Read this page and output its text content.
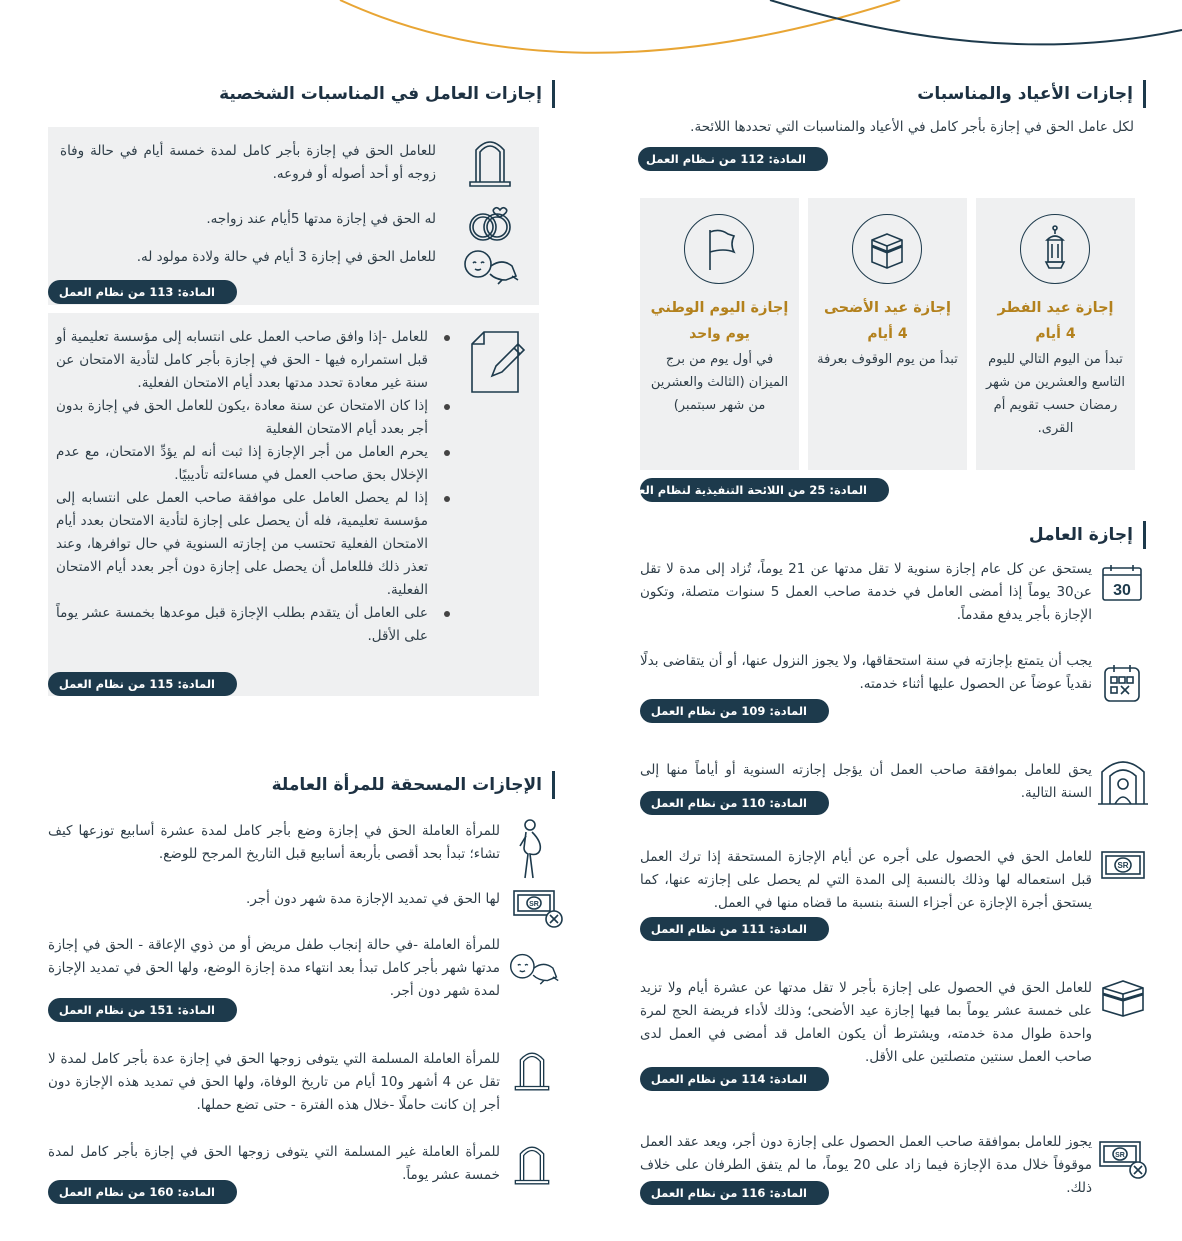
إجازات الأعياد والمناسبات
لكل عامل الحق في إجازة بأجر كامل في الأعياد والمناسبات التي تحددها اللائحة.
المادة: 112 من نـظام العمل
إجازة عيد الفطر
4 أيام
تبدأ من اليوم التالي لليوم التاسع والعشرين من شهر رمضان حسب تقويم أم القرى.
إجازة عيد الأضحى
4 أيام
تبدأ من يوم الوقوف بعرفة
إجازة اليوم الوطني
يوم واحد
في أول يوم من برج الميزان (الثالث والعشرين من شهر سبتمبر)
المادة: 25 من اللائحة التنفيذية لنظام العمل
إجازة العامل
30
يستحق عن كل عام إجازة سنوية لا تقل مدتها عن 21 يوماً، تُزاد إلى مدة لا تقل عن30 يوماً إذا أمضى العامل في خدمة صاحب العمل 5 سنوات متصلة، وتكون الإجازة بأجر يدفع مقدماً.
يجب أن يتمتع بإجازته في سنة استحقاقها، ولا يجوز النزول عنها، أو أن يتقاضى بدلًا نقدياً عوضاً عن الحصول عليها أثناء خدمته.
المادة: 109 من نظام العمل
يحق للعامل بموافقة صاحب العمل أن يؤجل إجازته السنوية أو أياماً منها إلى السنة التالية.
المادة: 110 من نظام العمل
SR
للعامل الحق في الحصول على أجره عن أيام الإجازة المستحقة إذا ترك العمل قبل استعماله لها وذلك بالنسبة إلى المدة التي لم يحصل على إجازته عنها، كما يستحق أجرة الإجازة عن أجزاء السنة بنسبة ما قضاه منها في العمل.
المادة: 111 من نظام العمل
للعامل الحق في الحصول على إجازة بأجر لا تقل مدتها عن عشرة أيام ولا تزيد على خمسة عشر يوماً بما فيها إجازة عيد الأضحى؛ وذلك لأداء فريضة الحج لمرة واحدة طوال مدة خدمته، ويشترط أن يكون العامل قد أمضى في العمل لدى صاحب العمل سنتين متصلتين على الأقل.
المادة: 114 من نظام العمل
SR
يجوز للعامل بموافقة صاحب العمل الحصول على إجازة دون أجر، ويعد عقد العمل موقوفاً خلال مدة الإجازة فيما زاد على 20 يوماً، ما لم يتفق الطرفان على خلاف ذلك.
المادة: 116 من نظام العمل
إجازات العامل في المناسبات الشخصية
للعامل الحق في إجازة بأجر كامل لمدة خمسة أيام في حالة وفاة زوجه أو أحد أصوله أو فروعه.
له الحق في إجازة مدتها 5أيام عند زواجه.
للعامل الحق في إجازة 3 أيام في حالة ولادة مولود له.
المادة: 113 من نظام العمل
للعامل -إذا وافق صاحب العمل على انتسابه إلى مؤسسة تعليمية أو قبل استمراره فيها - الحق في إجازة بأجر كامل لتأدية الامتحان عن سنة غير معادة تحدد مدتها بعدد أيام الامتحان الفعلية.
إذا كان الامتحان عن سنة معادة ،يكون للعامل الحق في إجازة بدون أجر بعدد أيام الامتحان الفعلية
يحرم العامل من أجر الإجازة إذا ثبت أنه لم يؤدِّ الامتحان، مع عدم الإخلال بحق صاحب العمل في مساءلته تأديبيًا.
إذا لم يحصل العامل على موافقة صاحب العمل على انتسابه إلى مؤسسة تعليمية، فله أن يحصل على إجازة لتأدية الامتحان بعدد أيام الامتحان الفعلية تحتسب من إجازته السنوية في حال توافرها، وعند تعذر ذلك فللعامل أن يحصل على إجازة دون أجر بعدد أيام الامتحان الفعلية.
على العامل أن يتقدم بطلب الإجازة قبل موعدها بخمسة عشر يوماً على الأقل.
المادة: 115 من نظام العمل
الإجازات المسحقة للمرأة العاملة
للمرأة العاملة الحق في إجازة وضع بأجر كامل لمدة عشرة أسابيع توزعها كيف تشاء؛ تبدأ بحد أقصى بأربعة أسابيع قبل التاريخ المرجح للوضع.
SR
لها الحق في تمديد الإجازة مدة شهر دون أجر.
للمرأة العاملة -في حالة إنجاب طفل مريض أو من ذوي الإعاقة - الحق في إجازة مدتها شهر بأجر كامل تبدأ بعد انتهاء مدة إجازة الوضع، ولها الحق في تمديد الإجازة لمدة شهر دون أجر.
المادة: 151 من نظام العمل
للمرأة العاملة المسلمة التي يتوفى زوجها الحق في إجازة عدة بأجر كامل لمدة لا تقل عن 4 أشهر و10 أيام من تاريخ الوفاة، ولها الحق في تمديد هذه الإجازة دون أجر إن كانت حاملًا -خلال هذه الفترة - حتى تضع حملها.
للمرأة العاملة غير المسلمة التي يتوفى زوجها الحق في إجازة بأجر كامل لمدة خمسة عشر يوماً.
المادة: 160 من نظام العمل
